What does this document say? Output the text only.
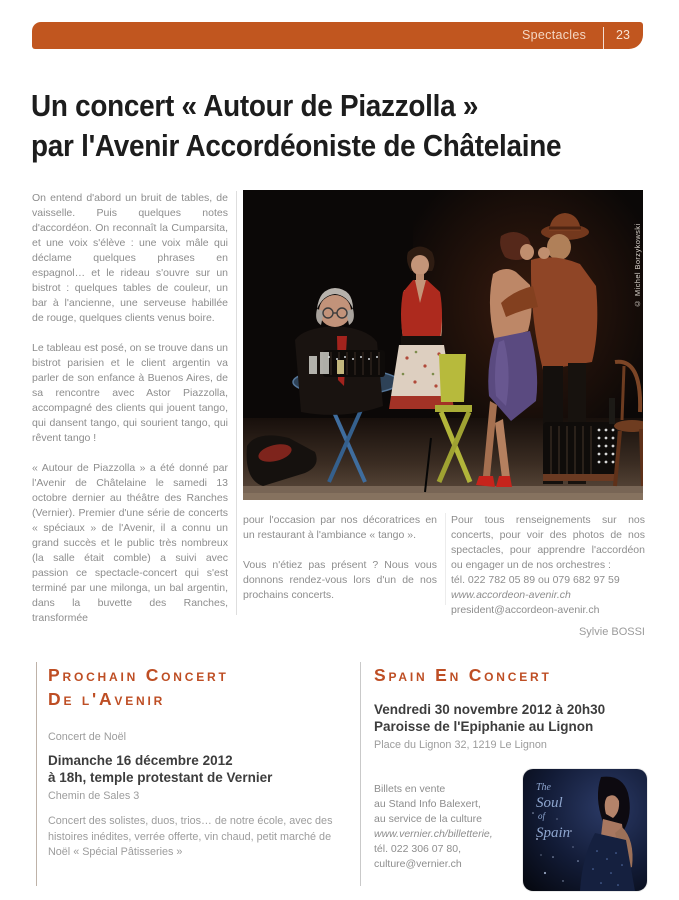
Spectacles	23
Un concert « Autour de Piazzolla »
par l'Avenir Accordéoniste de Châtelaine

On entend d'abord un bruit de tables, de vaisselle. Puis quelques notes d'accordéon. On reconnaît la Cumparsita, et une voix s'élève : une voix mâle qui déclame quelques phrases en espagnol… et le rideau s'ouvre sur un bistrot : quelques tables de couleur, un bar à l'ancienne, une serveuse habillée de rouge, quelques clients venus boire.

Le tableau est posé, on se trouve dans un bistrot parisien et le client argentin va parler de son enfance à Buenos Aires, de sa rencontre avec Astor Piazzolla, accompagné des clients qui jouent tango, qui dansent tango, qui sourient tango, qui rêvent tango !

« Autour de Piazzolla » a été donné par l'Avenir de Châtelaine le samedi 13 octobre dernier au théâtre des Ranches (Vernier). Premier d'une série de concerts « spéciaux » de l'Avenir, il a connu un grand succès et le public très nombreux (la salle était comble) a suivi avec passion ce spectacle-concert qui s'est terminé par une milonga, un bal argentin, dans la buvette des Ranches, transformée

© Michel Borzykowski

pour l'occasion par nos décoratrices en un restaurant à l'ambiance « tango ».

Vous n'étiez pas présent ? Nous vous donnons rendez-vous lors d'un de nos prochains concerts.

Pour tous renseignements sur nos concerts, pour voir des photos de nos spectacles, pour apprendre l'accordéon ou engager un de nos orchestres :

tél. 022 782 05 89 ou 079 682 97 59
www.accordeon-avenir.ch
president@accordeon-avenir.ch
Sylvie BOSSI
Prochain Concert
De l'Avenir
Concert de Noël
Dimanche 16 décembre 2012
à 18h, temple protestant de Vernier
Chemin de Sales 3
Concert des solistes, duos, trios… de notre école, avec des histoires inédites, verrée offerte, vin chaud, petit marché de Noël « Spécial Pâtisseries »
Spain En Concert
Vendredi 30 novembre 2012 à 20h30
Paroisse de l'Epiphanie au Lignon
Place du Lignon 32, 1219 Le Lignon
Billets en vente
au Stand Info Balexert,
au service de la culture
www.vernier.ch/billetterie,
tél. 022 306 07 80,
culture@vernier.ch
The
Soul
of
Spain
